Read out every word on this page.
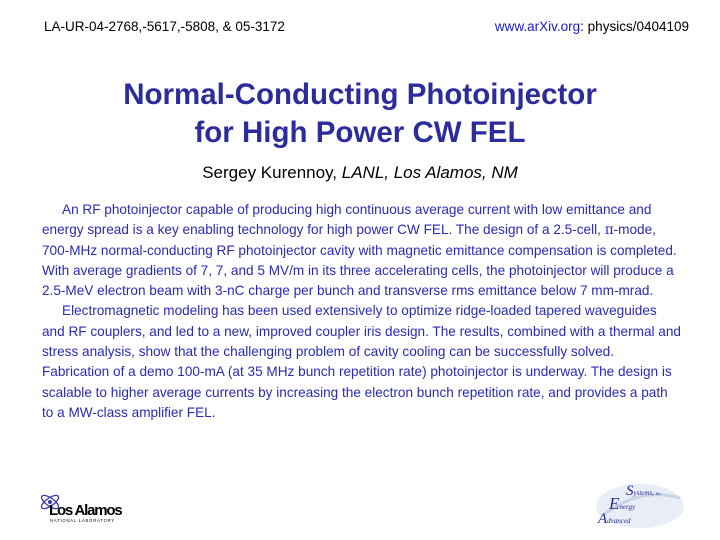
LA-UR-04-2768,-5617,-5808, & 05-3172	www.arXiv.org: physics/0404109
Normal-Conducting Photoinjector
for High Power CW FEL
Sergey Kurennoy, LANL, Los Alamos, NM

An RF photoinjector capable of producing high continuous average current with low emittance and energy spread is a key enabling technology for high power CW FEL. The design of a 2.5-cell, π-mode, 700-MHz normal-conducting RF photoinjector cavity with magnetic emittance compensation is completed. With average gradients of 7, 7, and 5 MV/m in its three accelerating cells, the photoinjector will produce a 2.5-MeV electron beam with 3-nC charge per bunch and transverse rms emittance below 7 mm-mrad.

Electromagnetic modeling has been used extensively to optimize ridge-loaded tapered waveguides and RF couplers, and led to a new, improved coupler iris design. The results, combined with a thermal and stress analysis, show that the challenging problem of cavity cooling can be successfully solved. Fabrication of a demo 100-mA (at 35 MHz bunch repetition rate) photoinjector is underway. The design is scalable to higher average currents by increasing the electron bunch repetition rate, and provides a path to a MW-class amplifier FEL.

Los Alamos
NATIONAL LABORATORY
Systems, Inc.
Energy
Advanced
